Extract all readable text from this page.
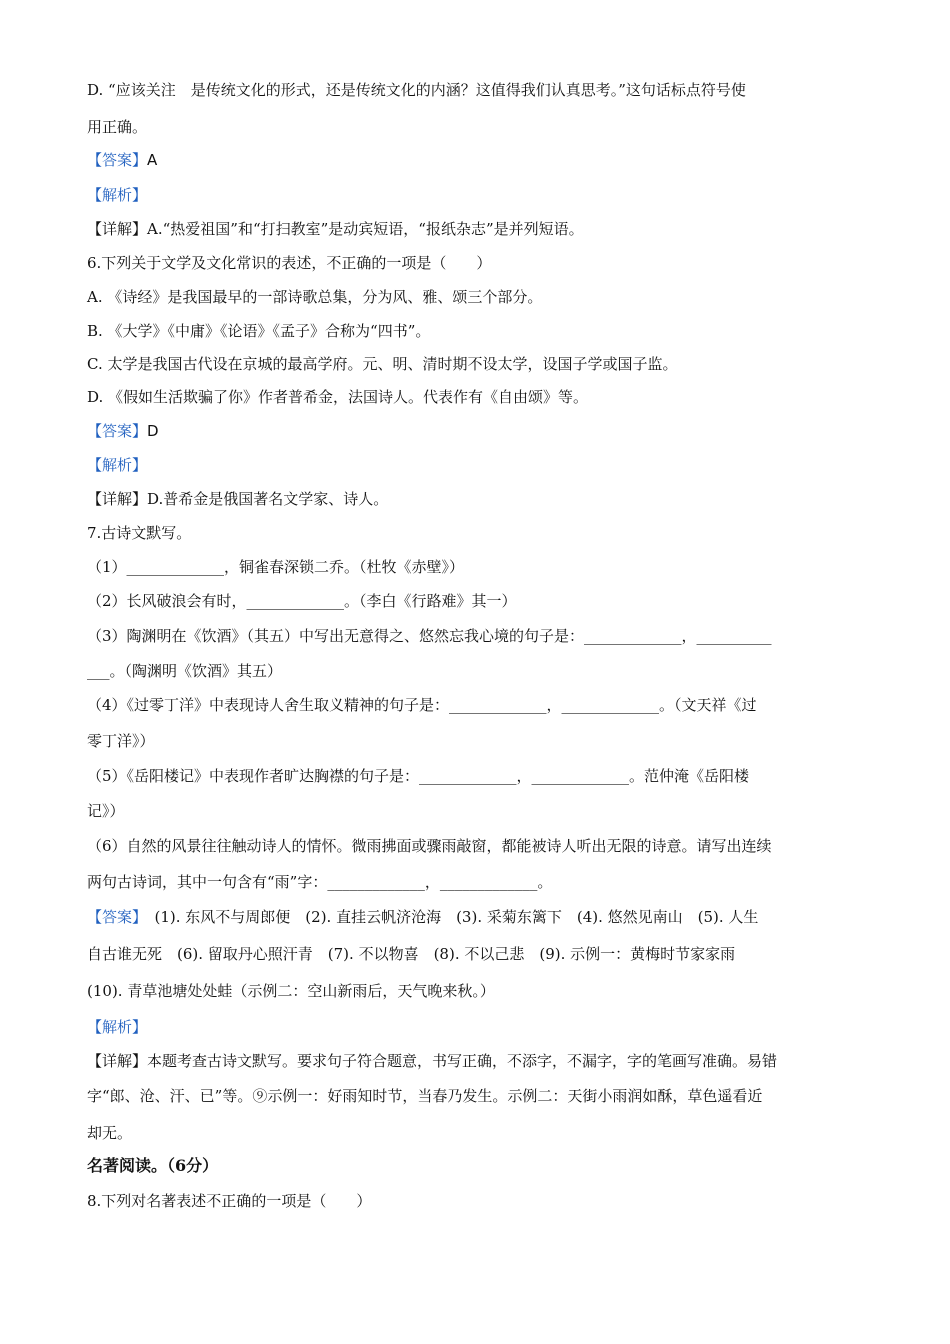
D. “应该关注　是传统文化的形式，还是传统文化的内涵？这值得我们认真思考。”这句话标点符号使
用正确。
【答案】A
【解析】
【详解】A.“热爱祖国”和“打扫教室”是动宾短语，“报纸杂志”是并列短语。
6.下列关于文学及文化常识的表述，不正确的一项是（　　）
A. 《诗经》是我国最早的一部诗歌总集，分为风、雅、颂三个部分。
B. 《大学》《中庸》《论语》《孟子》合称为“四书”。
C. 太学是我国古代设在京城的最高学府。元、明、清时期不设太学，设国子学或国子监。
D. 《假如生活欺骗了你》作者普希金，法国诗人。代表作有《自由颂》等。
【答案】D
【解析】
【详解】D.普希金是俄国著名文学家、诗人。
7.古诗文默写。
（1）_____________，铜雀春深锁二乔。（杜牧《赤壁》）
（2）长风破浪会有时，_____________。（李白《行路难》其一）
（3）陶渊明在《饮酒》（其五）中写出无意得之、悠然忘我心境的句子是：_____________，__________
___。（陶渊明《饮酒》其五）
（4）《过零丁洋》中表现诗人舍生取义精神的句子是：_____________，_____________。（文天祥《过
零丁洋》）
（5）《岳阳楼记》中表现作者旷达胸襟的句子是：_____________，_____________。范仲淹《岳阳楼
记》）
（6）自然的风景往往触动诗人的情怀。微雨拂面或骤雨敲窗，都能被诗人听出无限的诗意。请写出连续
两句古诗词，其中一句含有“雨”字：_____________，_____________。
【答案】　(1). 东风不与周郎便　(2). 直挂云帆济沧海　(3). 采菊东篱下　(4). 悠然见南山　(5). 人生
自古谁无死　(6). 留取丹心照汗青　(7). 不以物喜　(8). 不以己悲　(9). 示例一：黄梅时节家家雨
(10). 青草池塘处处蛙（示例二：空山新雨后，天气晚来秋。）
【解析】
【详解】本题考查古诗文默写。要求句子符合题意，书写正确，不添字，不漏字，字的笔画写准确。易错
字“郎、沧、汗、已”等。⑨示例一：好雨知时节，当春乃发生。示例二：天街小雨润如酥，草色遥看近
却无。
名著阅读。（6分）
8.下列对名著表述不正确的一项是（　　）
